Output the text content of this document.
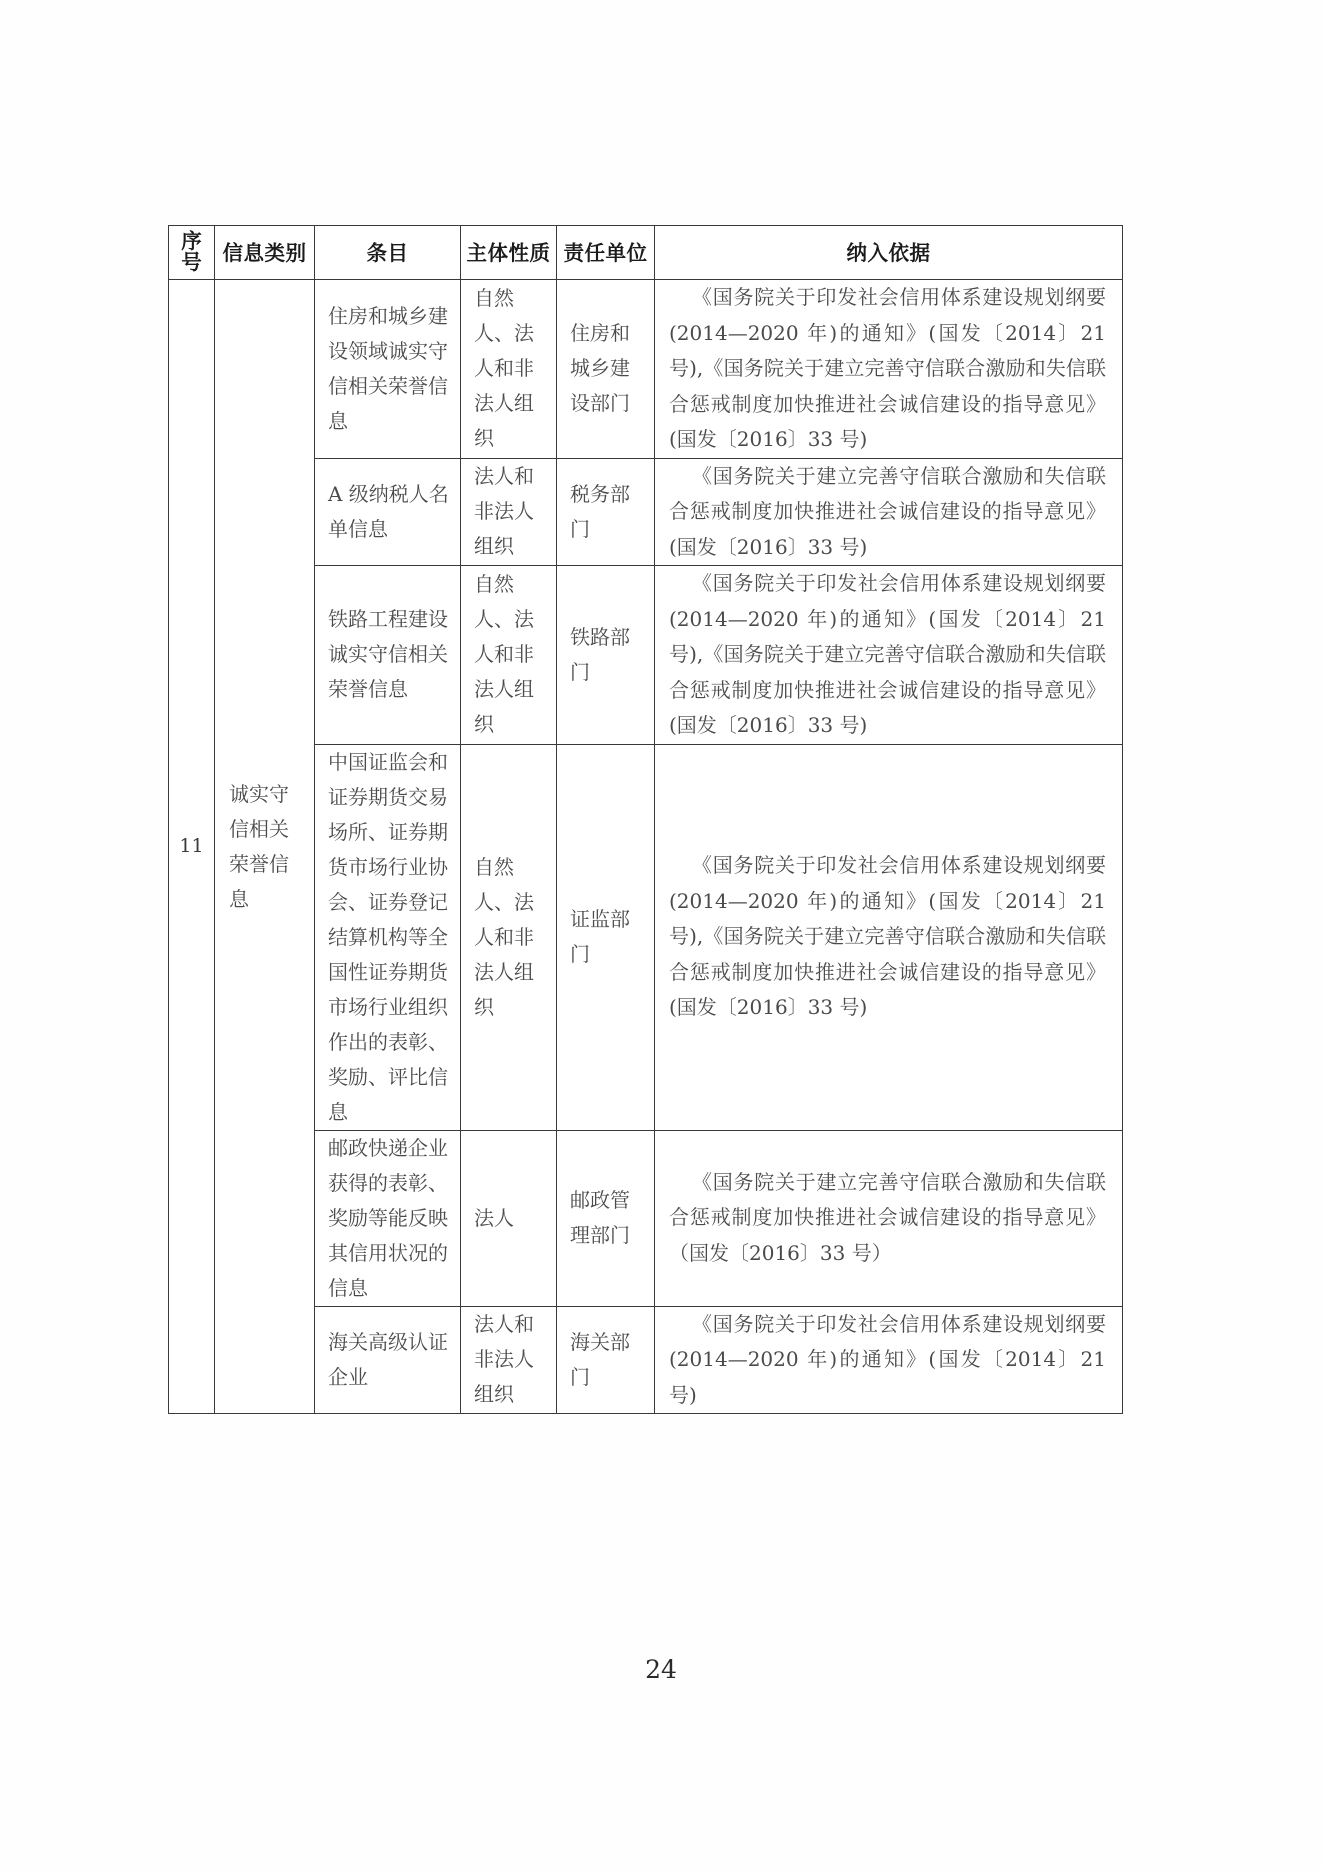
序
号	信息类别	条目	主体性质	责任单位	纳入依据
11	诚实守信相关荣誉信息	住房和城乡建设领域诚实守信相关荣誉信息	自然人、法人和非法人组织	住房和城乡建设部门	《国务院关于印发社会信用体系建设规划纲要(2014—2020 年)的通知》(国发〔2014〕21 号),《国务院关于建立完善守信联合激励和失信联合惩戒制度加快推进社会诚信建设的指导意见》(国发〔2016〕33 号)
		A 级纳税人名单信息	法人和非法人组织	税务部门	《国务院关于建立完善守信联合激励和失信联合惩戒制度加快推进社会诚信建设的指导意见》(国发〔2016〕33 号)
		铁路工程建设诚实守信相关荣誉信息	自然人、法人和非法人组织	铁路部门	《国务院关于印发社会信用体系建设规划纲要(2014—2020 年)的通知》(国发〔2014〕21 号),《国务院关于建立完善守信联合激励和失信联合惩戒制度加快推进社会诚信建设的指导意见》(国发〔2016〕33 号)
		中国证监会和证券期货交易场所、证券期货市场行业协会、证券登记结算机构等全国性证券期货市场行业组织作出的表彰、奖励、评比信息	自然人、法人和非法人组织	证监部门	《国务院关于印发社会信用体系建设规划纲要(2014—2020 年)的通知》(国发〔2014〕21 号),《国务院关于建立完善守信联合激励和失信联合惩戒制度加快推进社会诚信建设的指导意见》(国发〔2016〕33 号)
		邮政快递企业获得的表彰、奖励等能反映其信用状况的信息	法人	邮政管理部门	《国务院关于建立完善守信联合激励和失信联合惩戒制度加快推进社会诚信建设的指导意见》（国发〔2016〕33 号）
		海关高级认证企业	法人和非法人组织	海关部门	《国务院关于印发社会信用体系建设规划纲要(2014—2020 年)的通知》(国发〔2014〕21 号)
24
